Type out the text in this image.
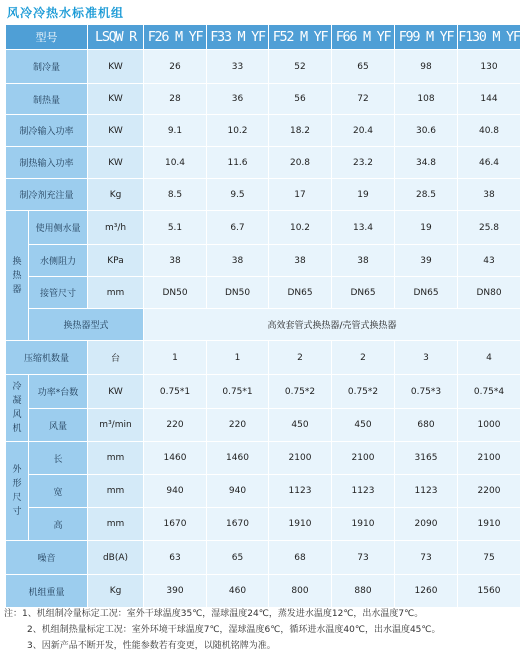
风冷冷热水标准机组
型号		LSQW R	F26 M YF	F33 M YF	F52 M YF	F66 M YF	F99 M YF	F130 M YF
制冷量		KW	26	33	52	65	98	130
制热量		KW	28	36	56	72	108	144
制冷输入功率		KW	9.1	10.2	18.2	20.4	30.6	40.8
制热输入功率		KW	10.4	11.6	20.8	23.2	34.8	46.4
制冷剂充注量		Kg	8.5	9.5	17	19	28.5	38
换热器	使用侧水量	m³/h	5.1	6.7	10.2	13.4	19	25.8
	水侧阻力	KPa	38	38	38	38	39	43
	接管尺寸	mm	DN50	DN50	DN65	DN65	DN65	DN80
	换热器型式		高效套管式换热器/壳管式换热器					
压缩机数量		台	1	1	2	2	3	4
冷凝风机	功率*台数	KW	0.75*1	0.75*1	0.75*2	0.75*2	0.75*3	0.75*4
	风量	m³/min	220	220	450	450	680	1000
外形尺寸	长	mm	1460	1460	2100	2100	3165	2100
	宽	mm	940	940	1123	1123	1123	2200
	高	mm	1670	1670	1910	1910	2090	1910
噪音		dB(A)	63	65	68	73	73	75
机组重量		Kg	390	460	800	880	1260	1560
注：1、机组制冷量标定工况：室外干球温度35℃，湿球温度24℃，蒸发进水温度12℃，出水温度7℃。
2、机组制热量标定工况：室外环境干球温度7℃，湿球温度6℃，循环进水温度40℃，出水温度45℃。
3、因新产品不断开发，性能参数若有变更，以随机铭牌为准。
